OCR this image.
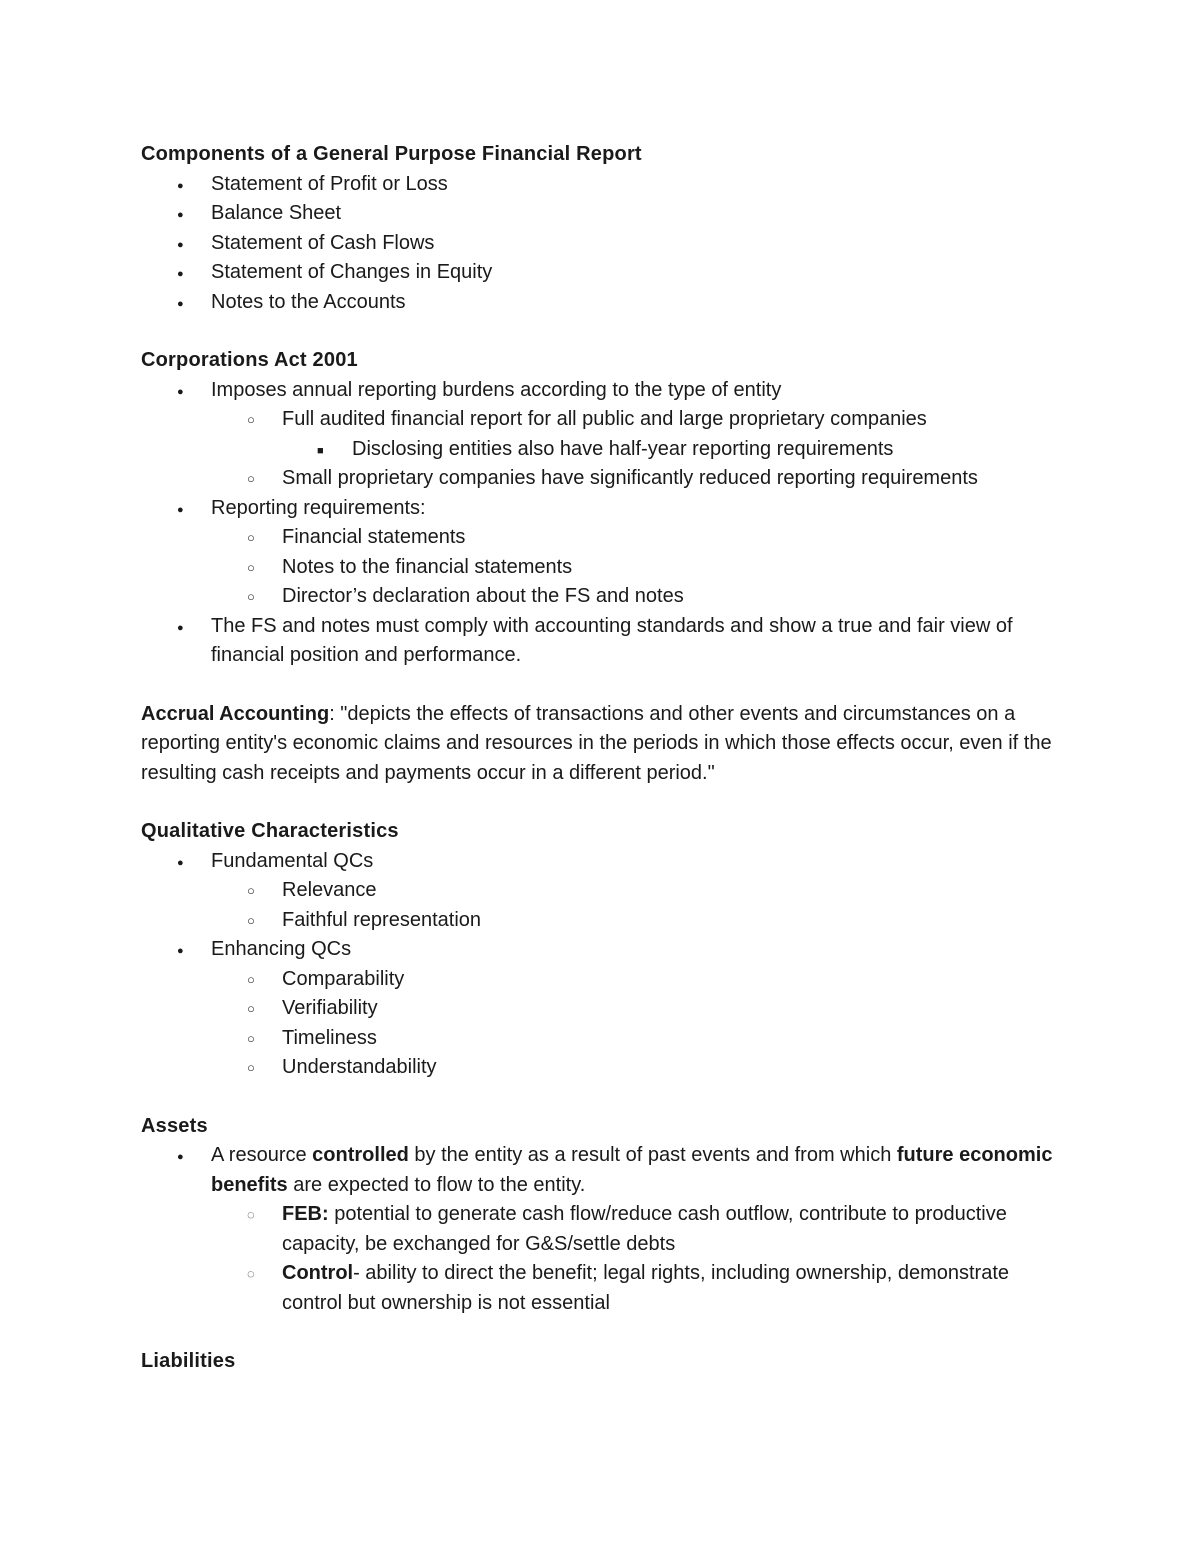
Components of a General Purpose Financial Report
●
Statement of Profit or Loss
●
Balance Sheet
●
Statement of Cash Flows
●
Statement of Changes in Equity
●
Notes to the Accounts
Corporations Act 2001
●
Imposes annual reporting burdens according to the type of entity
○
Full audited financial report for all public and large proprietary companies
■
Disclosing entities also have half-year reporting requirements
○
Small proprietary companies have significantly reduced reporting requirements
●
Reporting requirements:
○
Financial statements
○
Notes to the financial statements
○
Director’s declaration about the FS and notes
●
The FS and notes must comply with accounting standards and show a true and fair view of financial position and performance.
Accrual Accounting: "depicts the effects of transactions and other events and circumstances on a reporting entity's economic claims and resources in the periods in which those effects occur, even if the resulting cash receipts and payments occur in a different period."
Qualitative Characteristics
●
Fundamental QCs
○
Relevance
○
Faithful representation
●
Enhancing QCs
○
Comparability
○
Verifiability
○
Timeliness
○
Understandability
Assets
●
A resource controlled by the entity as a result of past events and from which future economic benefits are expected to flow to the entity.
◌
FEB: potential to generate cash flow/reduce cash outflow, contribute to productive capacity, be exchanged for G&S/settle debts
◌
Control- ability to direct the benefit; legal rights, including ownership, demonstrate control but ownership is not essential
Liabilities
